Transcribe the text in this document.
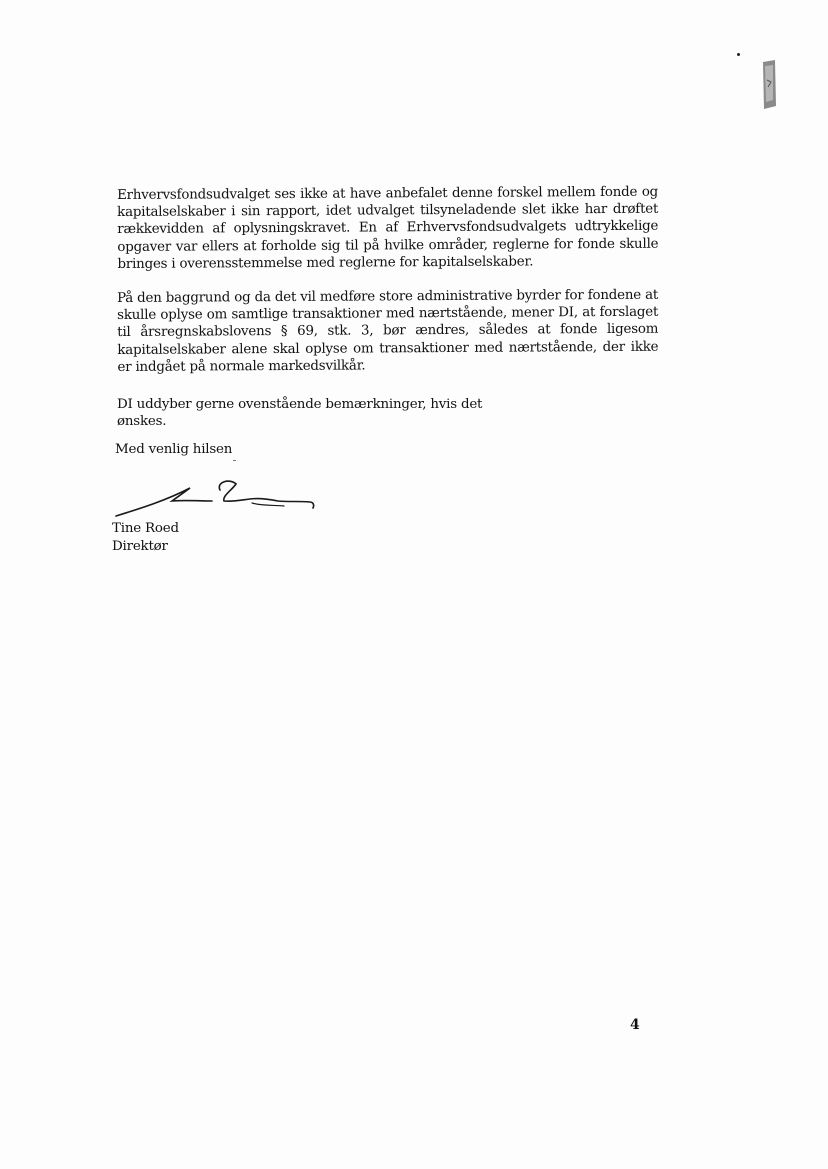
Erhvervsfondsudvalget ses ikke at have anbefalet denne forskel mellem fonde og kapitalselskaber i sin rapport, idet udvalget tilsyneladende slet ikke har drøftet rækkevidden af oplysningskravet. En af Erhvervsfondsudvalgets udtrykkelige opgaver var ellers at forholde sig til på hvilke områder, reglerne for fonde skulle bringes i overensstemmelse med reglerne for kapitalselskaber.

På den baggrund og da det vil medføre store administrative byrder for fondene at skulle oplyse om samtlige transaktioner med nærtstående, mener DI, at forslaget til årsregnskabslovens § 69, stk. 3, bør ændres, således at fonde ligesom kapitalselskaber alene skal oplyse om transaktioner med nærtstående, der ikke er indgået på normale markedsvilkår.

DI uddyber gerne ovenstående bemærkninger, hvis det ønskes.

Med venlig hilsen
Tine Roed
Direktør
4
